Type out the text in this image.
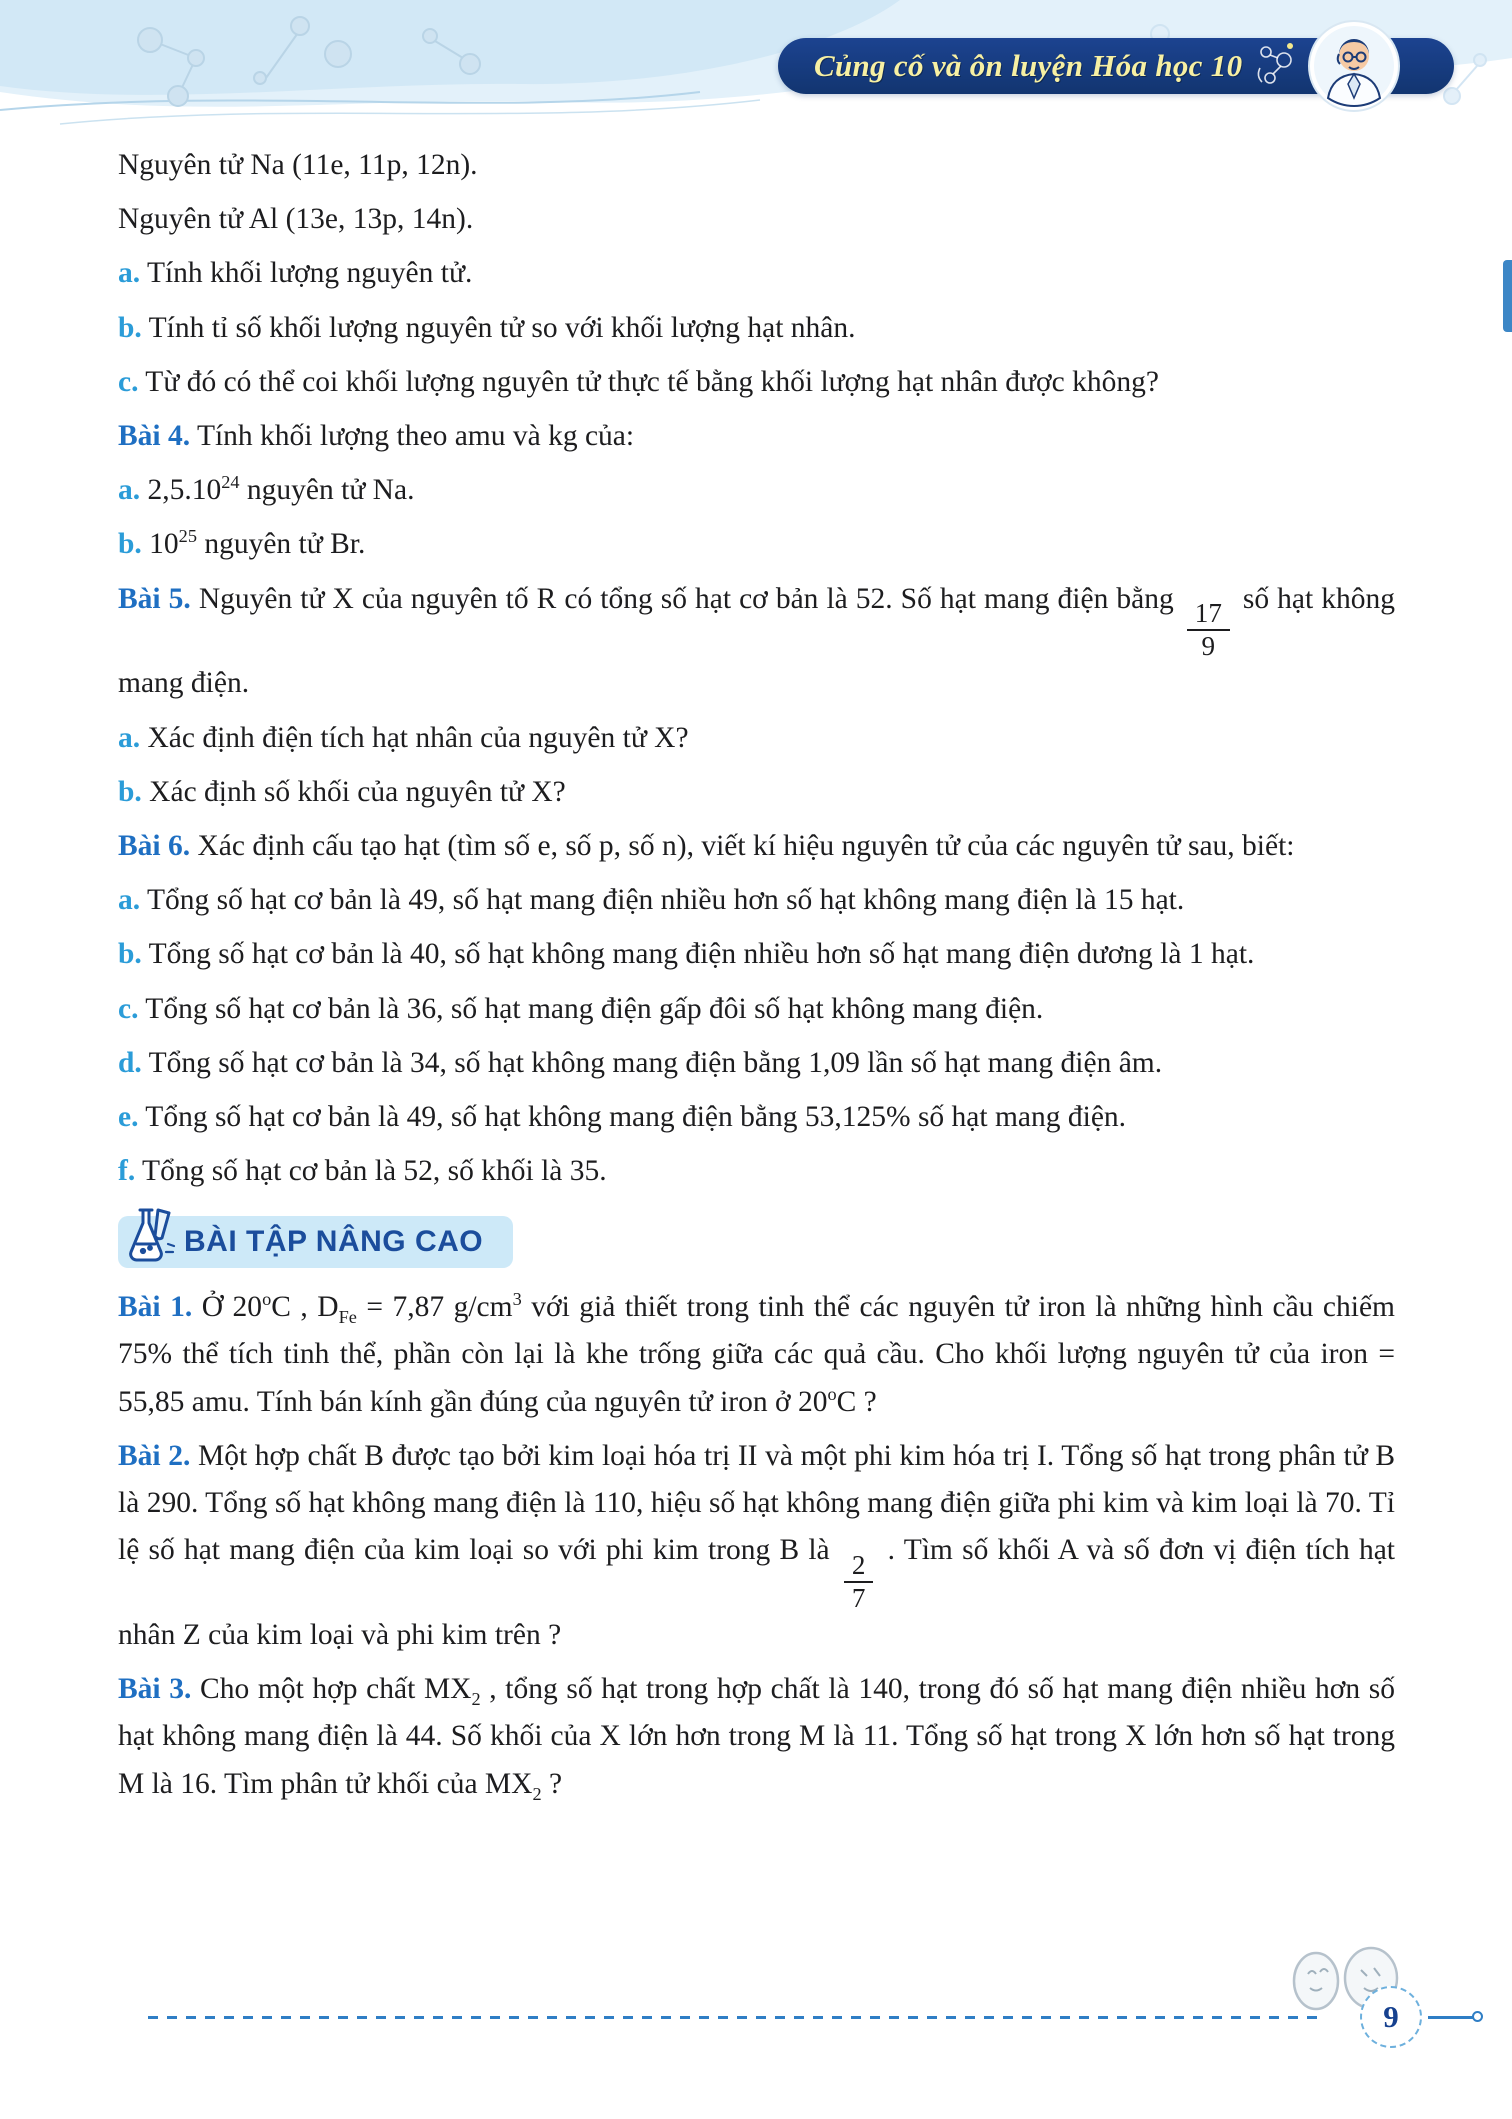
Củng cố và ôn luyện Hóa học 10

Nguyên tử Na (11e, 11p, 12n).

Nguyên tử Al (13e, 13p, 14n).

a. Tính khối lượng nguyên tử.

b. Tính tỉ số khối lượng nguyên tử so với khối lượng hạt nhân.

c. Từ đó có thể coi khối lượng nguyên tử thực tế bằng khối lượng hạt nhân được không?

Bài 4. Tính khối lượng theo amu và kg của:

a. 2,5.10$^{24}$ nguyên tử Na.

b. $10^{25}$ nguyên tử Br.

Bài 5. Nguyên tử X của nguyên tố R có tổng số hạt cơ bản là 52. Số hạt mang điện bằng
$\frac{17}{9}$
số hạt không mang điện.

a. Xác định điện tích hạt nhân của nguyên tử X?

b. Xác định số khối của nguyên tử X?

Bài 6. Xác định cấu tạo hạt (tìm số e, số p, số n), viết kí hiệu nguyên tử của các nguyên tử sau, biết:

a. Tổng số hạt cơ bản là 49, số hạt mang điện nhiều hơn số hạt không mang điện là 15 hạt.

b. Tổng số hạt cơ bản là 40, số hạt không mang điện nhiều hơn số hạt mang điện dương là 1 hạt.

c. Tổng số hạt cơ bản là 36, số hạt mang điện gấp đôi số hạt không mang điện.

d. Tổng số hạt cơ bản là 34, số hạt không mang điện bằng 1,09 lần số hạt mang điện âm.

e. Tổng số hạt cơ bản là 49, số hạt không mang điện bằng 53,125% số hạt mang điện.

f. Tổng số hạt cơ bản là 52, số khối là 35.

BÀI TẬP NÂNG CAO

Bài 1. Ở 20$^o$C , $D_{Fe} = 7,87$ $g/cm^3$ với giả thiết trong tinh thể các nguyên tử iron là những hình cầu chiếm 75% thể tích tinh thể, phần còn lại là khe trống giữa các quả cầu. Cho khối lượng nguyên tử của iron = 55,85 amu. Tính bán kính gần đúng của nguyên tử iron ở 20$^o$C ?

Bài 2. Một hợp chất B được tạo bởi kim loại hóa trị II và một phi kim hóa trị I. Tổng số hạt trong phân tử B là 290. Tổng số hạt không mang điện là 110, hiệu số hạt không mang điện giữa phi kim và kim loại là 70. Tỉ lệ số hạt mang điện của kim loại so với phi kim trong B là
$\frac{2}{7}$
. Tìm số khối A và số đơn vị điện tích hạt nhân Z của kim loại và phi kim trên ?

Bài 3. Cho một hợp chất $MX_2$ , tổng số hạt trong hợp chất là 140, trong đó số hạt mang điện nhiều hơn số hạt không mang điện là 44. Số khối của X lớn hơn trong M là 11. Tổng số hạt trong X lớn hơn số hạt trong M là 16. Tìm phân tử khối của $MX_2$ ?

9
